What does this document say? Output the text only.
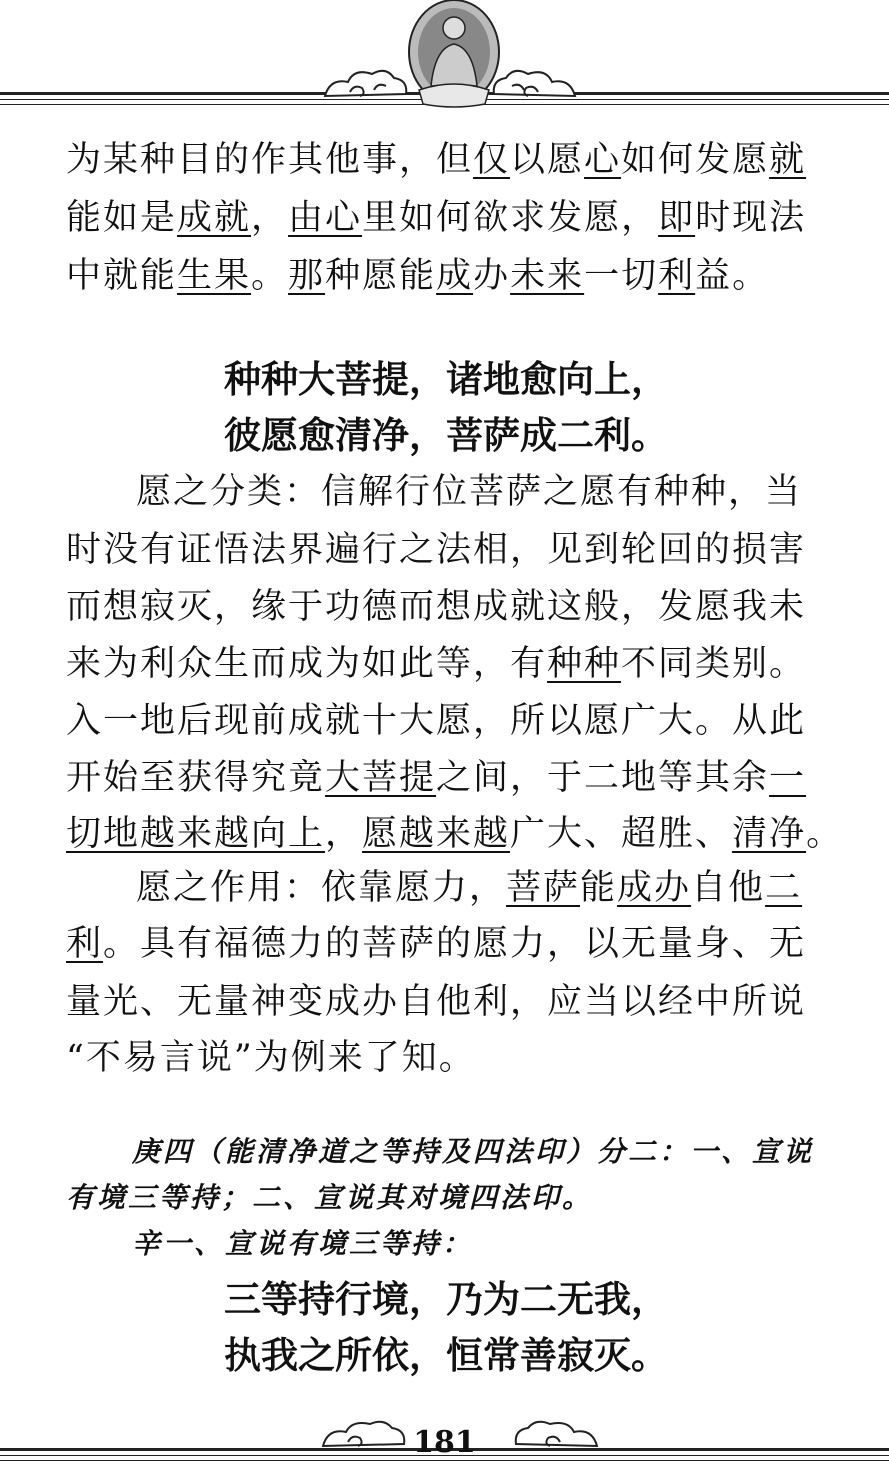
为某种目的作其他事，但仅以愿心如何发愿就
能如是成就，由心里如何欲求发愿，即时现法
中就能生果。那种愿能成办未来一切利益。
种种大菩提，诸地愈向上，
彼愿愈清净，菩萨成二利。
愿之分类：信解行位菩萨之愿有种种，当
时没有证悟法界遍行之法相，见到轮回的损害
而想寂灭，缘于功德而想成就这般，发愿我未
来为利众生而成为如此等，有种种不同类别。
入一地后现前成就十大愿，所以愿广大。从此
开始至获得究竟大菩提之间，于二地等其余一
切地越来越向上，愿越来越广大、超胜、清净。
愿之作用：依靠愿力，菩萨能成办自他二
利。具有福德力的菩萨的愿力，以无量身、无
量光、无量神变成办自他利，应当以经中所说
“不易言说”为例来了知。
庚四（能清净道之等持及四法印）分二：一、宣说
有境三等持；二、宣说其对境四法印。
辛一、宣说有境三等持：
三等持行境，乃为二无我，
执我之所依，恒常善寂灭。
181
